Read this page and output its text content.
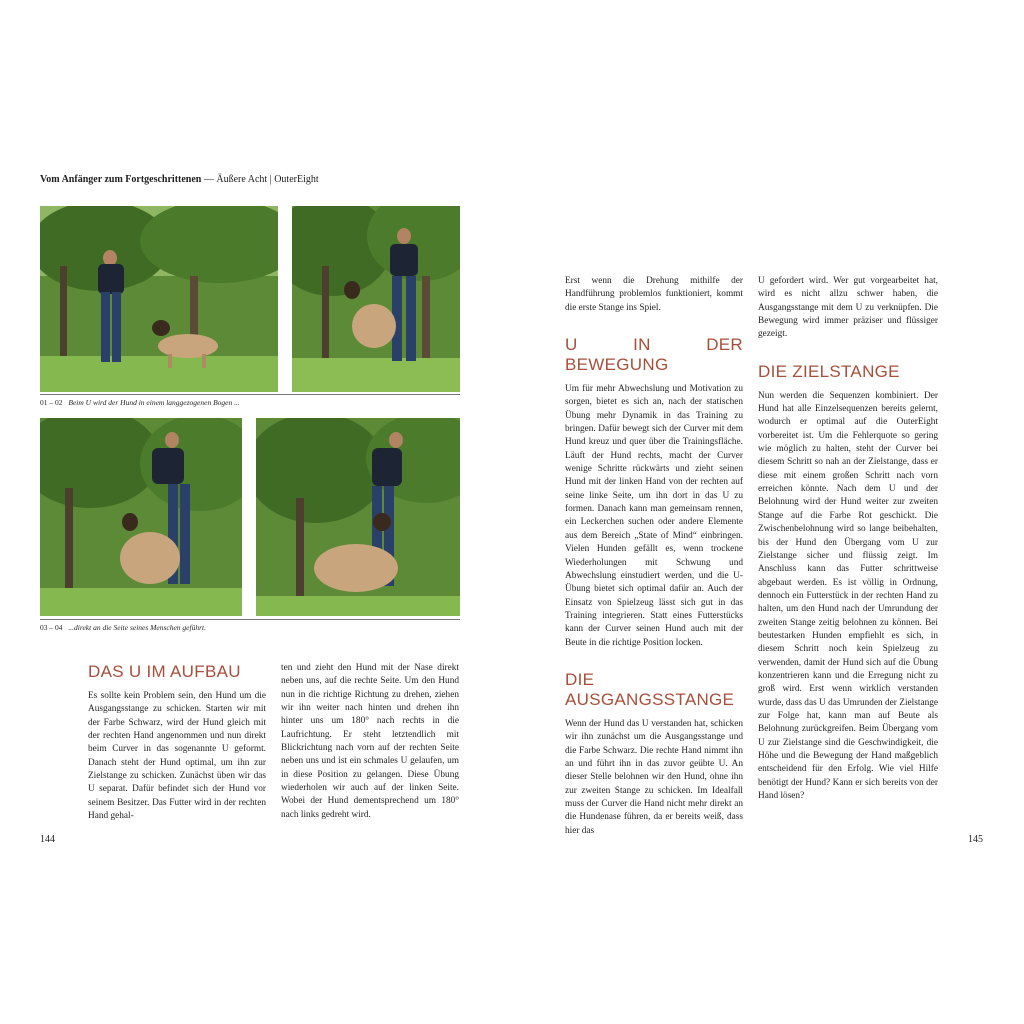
Vom Anfänger zum Fortgeschrittenen — Äußere Acht | OuterEight
01 – 02 Beim U wird der Hund in einem langgezogenen Bogen ...
03 – 04 ...direkt an die Seite seines Menschen geführt.
DAS U IM AUFBAU

Es sollte kein Problem sein, den Hund um die Ausgangsstange zu schicken. Starten wir mit der Farbe Schwarz, wird der Hund gleich mit der rechten Hand angenommen und nun direkt beim Curver in das sogenannte U geformt. Danach steht der Hund optimal, um ihn zur Zielstange zu schicken. Zunächst üben wir das U separat. Dafür befindet sich der Hund vor seinem Besitzer. Das Futter wird in der rechten Hand gehal-

ten und zieht den Hund mit der Nase direkt neben uns, auf die rechte Seite. Um den Hund nun in die richtige Richtung zu drehen, ziehen wir ihn weiter nach hinten und drehen ihn hinter uns um 180° nach rechts in die Laufrichtung. Er steht letztendlich mit Blickrichtung nach vorn auf der rechten Seite neben uns und ist ein schmales U gelaufen, um in diese Position zu gelangen. Diese Übung wiederholen wir auch auf der linken Seite. Wobei der Hund dementsprechend um 180° nach links gedreht wird.

Erst wenn die Drehung mithilfe der Handführung problemlos funktioniert, kommt die erste Stange ins Spiel.

U IN DER BEWEGUNG

Um für mehr Abwechslung und Motivation zu sorgen, bietet es sich an, nach der statischen Übung mehr Dynamik in das Training zu bringen. Dafür bewegt sich der Curver mit dem Hund kreuz und quer über die Trainingsfläche. Läuft der Hund rechts, macht der Curver wenige Schritte rückwärts und zieht seinen Hund mit der linken Hand von der rechten auf seine linke Seite, um ihn dort in das U zu formen. Danach kann man gemeinsam rennen, ein Leckerchen suchen oder andere Elemente aus dem Bereich „State of Mind“ einbringen. Vielen Hunden gefällt es, wenn trockene Wiederholungen mit Schwung und Abwechslung einstudiert werden, und die U-Übung bietet sich optimal dafür an. Auch der Einsatz von Spielzeug lässt sich gut in das Training integrieren. Statt eines Futterstücks kann der Curver seinen Hund auch mit der Beute in die richtige Position locken.

DIE AUSGANGSSTANGE

Wenn der Hund das U verstanden hat, schicken wir ihn zunächst um die Ausgangsstange und die Farbe Schwarz. Die rechte Hand nimmt ihn an und führt ihn in das zuvor geübte U. An dieser Stelle belohnen wir den Hund, ohne ihn zur zweiten Stange zu schicken. Im Idealfall muss der Curver die Hand nicht mehr direkt an die Hundenase führen, da er bereits weiß, dass hier das

U gefordert wird. Wer gut vorgearbeitet hat, wird es nicht allzu schwer haben, die Ausgangsstange mit dem U zu verknüpfen. Die Bewegung wird immer präziser und flüssiger gezeigt.

DIE ZIELSTANGE

Nun werden die Sequenzen kombiniert. Der Hund hat alle Einzelsequenzen bereits gelernt, wodurch er optimal auf die OuterEight vorbereitet ist. Um die Fehlerquote so gering wie möglich zu halten, steht der Curver bei diesem Schritt so nah an der Zielstange, dass er diese mit einem großen Schritt nach vorn erreichen könnte. Nach dem U und der Belohnung wird der Hund weiter zur zweiten Stange auf die Farbe Rot geschickt. Die Zwischenbelohnung wird so lange beibehalten, bis der Hund den Übergang vom U zur Zielstange sicher und flüssig zeigt. Im Anschluss kann das Futter schrittweise abgebaut werden. Es ist völlig in Ordnung, dennoch ein Futterstück in der rechten Hand zu halten, um den Hund nach der Umrundung der zweiten Stange zeitig belohnen zu können. Bei beutestarken Hunden empfiehlt es sich, in diesem Schritt noch kein Spielzeug zu verwenden, damit der Hund sich auf die Übung konzentrieren kann und die Erregung nicht zu groß wird. Erst wenn wirklich verstanden wurde, dass das U das Umrunden der Zielstange zur Folge hat, kann man auf Beute als Belohnung zurückgreifen. Beim Übergang vom U zur Zielstange sind die Geschwindigkeit, die Höhe und die Bewegung der Hand maßgeblich entscheidend für den Erfolg. Wie viel Hilfe benötigt der Hund? Kann er sich bereits von der Hand lösen?

144	145
